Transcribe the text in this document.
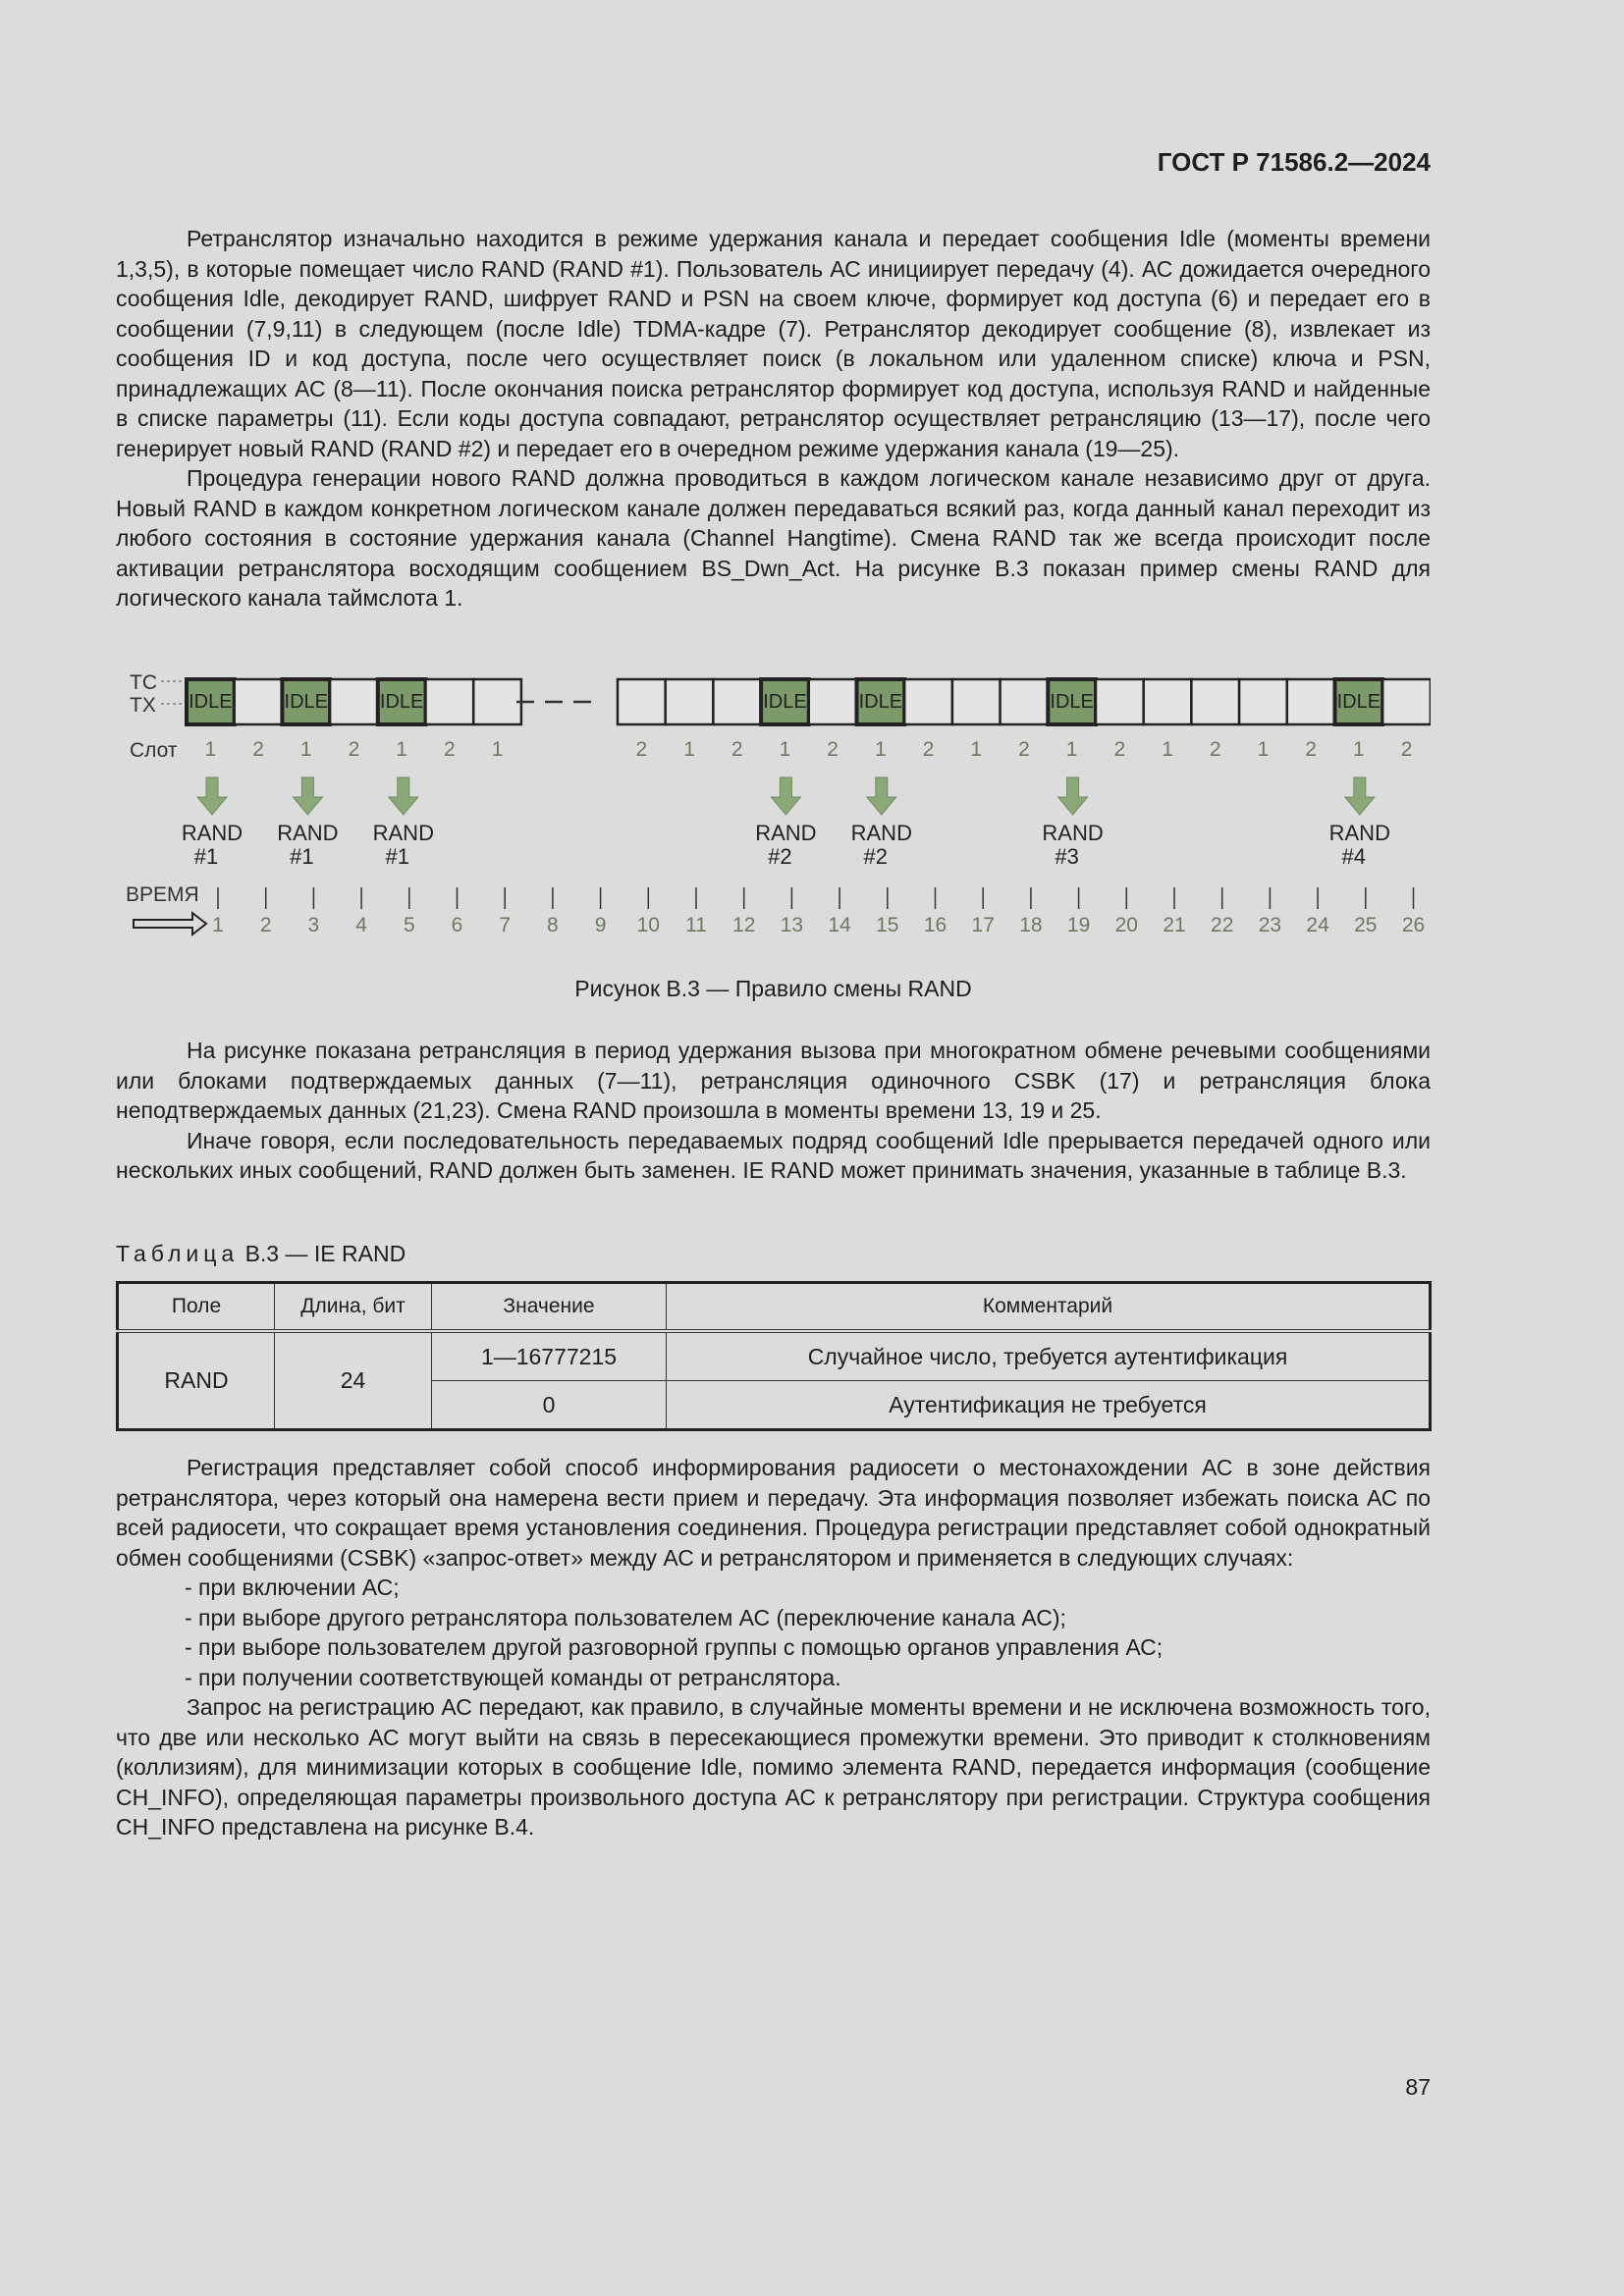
ГОСТ Р 71586.2—2024

Ретранслятор изначально находится в режиме удержания канала и передает сообщения Idle (моменты времени 1,3,5), в которые помещает число RAND (RAND #1). Пользователь АС инициирует передачу (4). АС дожидается очередного сообщения Idle, декодирует RAND, шифрует RAND и PSN на своем ключе, формирует код доступа (6) и передает его в сообщении (7,9,11) в следующем (после Idle) TDMA-кадре (7). Ретранслятор декодирует сообщение (8), извлекает из сообщения ID и код доступа, после чего осуществляет поиск (в локальном или удаленном списке) ключа и PSN, принадлежащих АС (8—11). После окончания поиска ретранслятор формирует код доступа, используя RAND и найденные в списке параметры (11). Если коды доступа совпадают, ретранслятор осуществляет ретрансляцию (13—17), после чего генерирует новый RAND (RAND #2) и передает его в очередном режиме удержания канала (19—25).

Процедура генерации нового RAND должна проводиться в каждом логическом канале независимо друг от друга. Новый RAND в каждом конкретном логическом канале должен передаваться всякий раз, когда данный канал переходит из любого состояния в состояние удержания канала (Channel Hangtime). Смена RAND так же всегда происходит после активации ретранслятора восходящим сообщением BS_Dwn_Act. На рисунке В.3 показан пример смены RAND для логического канала таймслота 1.

ТС
ТХ IDLE
1 2
IDLE
1 2
IDLE
1 2 1	2 1 2
IDLE
1 2
IDLE
1 2 1 2
IDLE
1 2 1 2 1 2
IDLE
1 2
Слот
ВРЕМЯ
1 2 3 4 5 6 7 8 9 10 11 12 13 14 15 16 17 18 19 20 21 22 23 24 25 26
RAND
#1
RAND
#1
RAND
#1
RAND
#2
RAND
#2
RAND
#3
RAND
#4
Рисунок В.3 — Правило смены RAND

На рисунке показана ретрансляция в период удержания вызова при многократном обмене речевыми сообщениями или блоками подтверждаемых данных (7—11), ретрансляция одиночного CSBK (17) и ретрансляция блока неподтверждаемых данных (21,23). Смена RAND произошла в моменты времени 13, 19 и 25.

Иначе говоря, если последовательность передаваемых подряд сообщений Idle прерывается передачей одного или нескольких иных сообщений, RAND должен быть заменен. IE RAND может принимать значения, указанные в таблице В.3.

Таблица В.3 — IE RAND
Поле	Длина, бит	Значение	Комментарий
RAND	24	1—16777215	Случайное число, требуется аутентификация
		0	Аутентификация не требуется

Регистрация представляет собой способ информирования радиосети о местонахождении АС в зоне действия ретранслятора, через который она намерена вести прием и передачу. Эта информация позволяет избежать поиска АС по всей радиосети, что сокращает время установления соединения. Процедура регистрации представляет собой однократный обмен сообщениями (CSBK) «запрос-ответ» между АС и ретранслятором и применяется в следующих случаях:

- при включении АС;

- при выборе другого ретранслятора пользователем АС (переключение канала АС);

- при выборе пользователем другой разговорной группы с помощью органов управления АС;

- при получении соответствующей команды от ретранслятора.

Запрос на регистрацию АС передают, как правило, в случайные моменты времени и не исключена возможность того, что две или несколько АС могут выйти на связь в пересекающиеся промежутки времени. Это приводит к столкновениям (коллизиям), для минимизации которых в сообщение Idle, помимо элемента RAND, передается информация (сообщение CH_INFO), определяющая параметры произвольного доступа АС к ретранслятору при регистрации. Структура сообщения CH_INFO представлена на рисунке В.4.

87
